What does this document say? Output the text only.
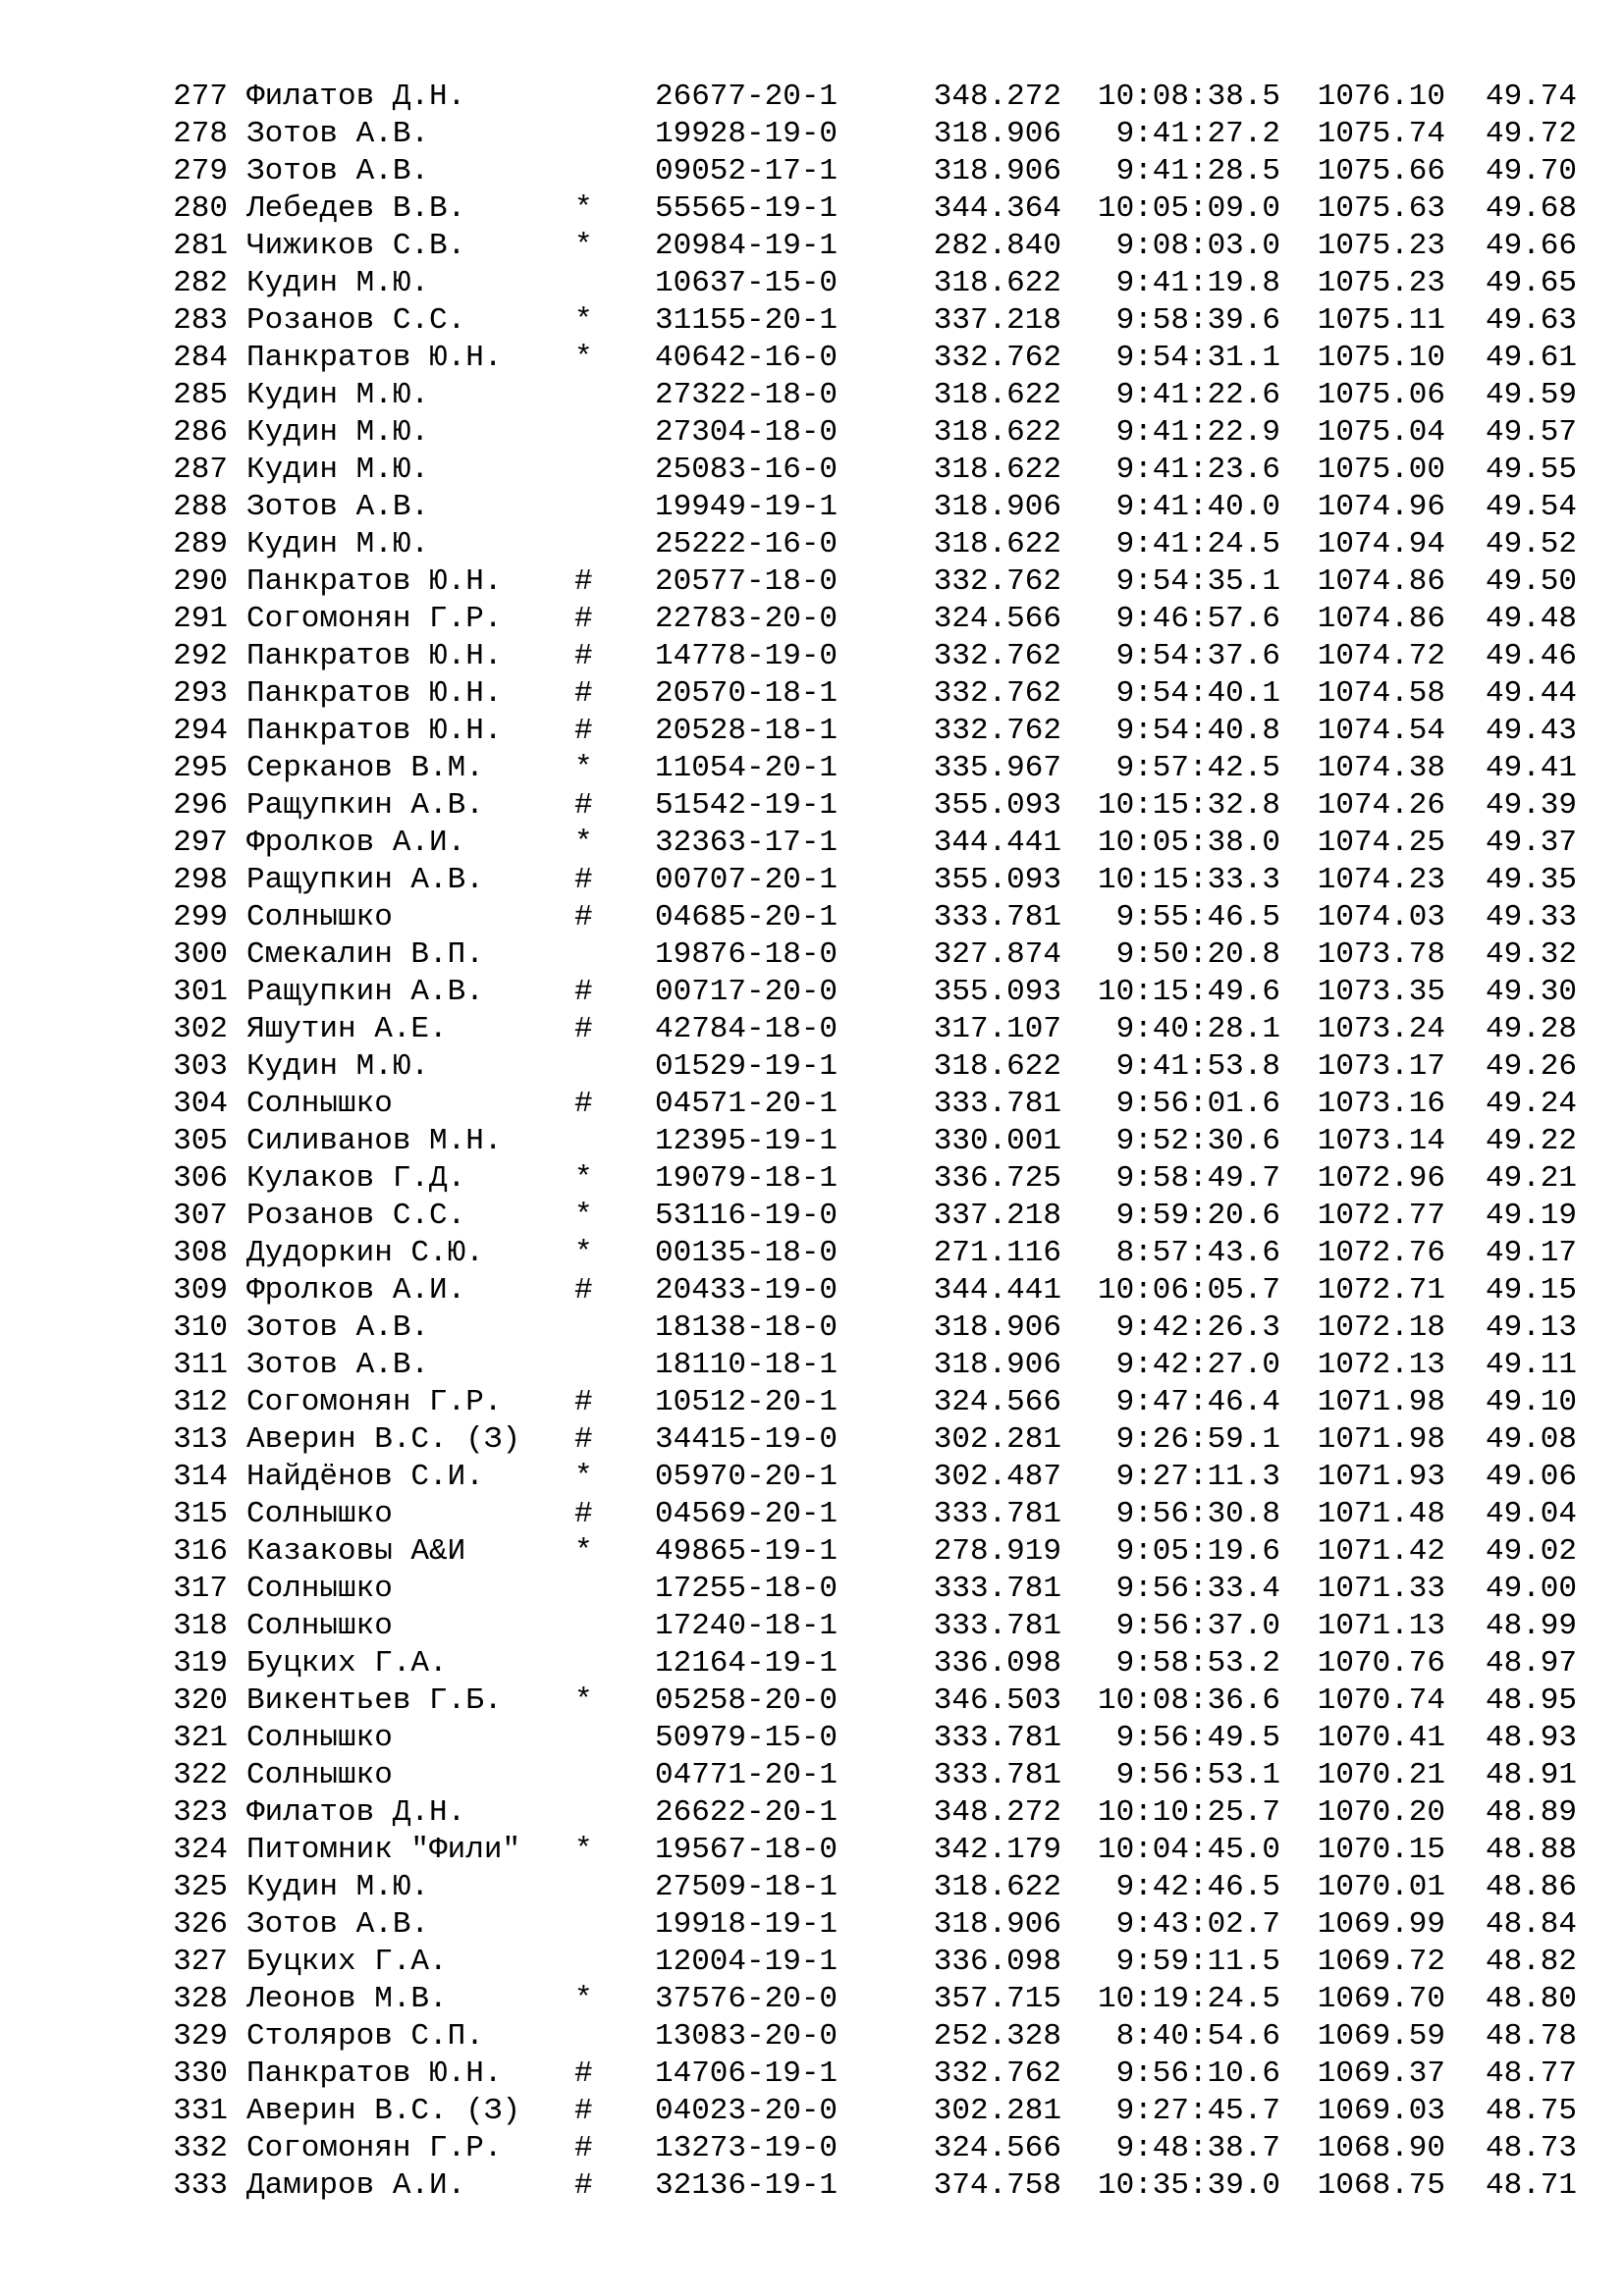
277 Филатов Д.Н.	26677-20-1	348.272 10:08:38.5 1076.10 49.74
278 Зотов А.В.	19928-19-0	318.906 9:41:27.2 1075.74 49.72
279 Зотов А.В.	09052-17-1	318.906 9:41:28.5 1075.66 49.70
280 Лебедев В.В.	* 55565-19-1	344.364 10:05:09.0 1075.63 49.68
281 Чижиков С.В.	* 20984-19-1	282.840 9:08:03.0 1075.23 49.66
282 Кудин М.Ю.	10637-15-0	318.622 9:41:19.8 1075.23 49.65
283 Розанов С.С.	* 31155-20-1	337.218 9:58:39.6 1075.11 49.63
284 Панкратов Ю.Н. * 40642-16-0	332.762 9:54:31.1 1075.10 49.61
285 Кудин М.Ю.	27322-18-0	318.622 9:41:22.6 1075.06 49.59
286 Кудин М.Ю.	27304-18-0	318.622 9:41:22.9 1075.04 49.57
287 Кудин М.Ю.	25083-16-0	318.622 9:41:23.6 1075.00 49.55
288 Зотов А.В.	19949-19-1	318.906 9:41:40.0 1074.96 49.54
289 Кудин М.Ю.	25222-16-0	318.622 9:41:24.5 1074.94 49.52
290 Панкратов Ю.Н. # 20577-18-0	332.762 9:54:35.1 1074.86 49.50
291 Согомонян Г.Р. # 22783-20-0	324.566 9:46:57.6 1074.86 49.48
292 Панкратов Ю.Н. # 14778-19-0	332.762 9:54:37.6 1074.72 49.46
293 Панкратов Ю.Н. # 20570-18-1	332.762 9:54:40.1 1074.58 49.44
294 Панкратов Ю.Н. # 20528-18-1	332.762 9:54:40.8 1074.54 49.43
295 Серканов В.М.	* 11054-20-1	335.967 9:57:42.5 1074.38 49.41
296 Ращупкин А.В.	# 51542-19-1	355.093 10:15:32.8 1074.26 49.39
297 Фролков А.И.	* 32363-17-1	344.441 10:05:38.0 1074.25 49.37
298 Ращупкин А.В.	# 00707-20-1	355.093 10:15:33.3 1074.23 49.35
299 Солнышко	# 04685-20-1	333.781 9:55:46.5 1074.03 49.33
300 Смекалин В.П.	19876-18-0	327.874 9:50:20.8 1073.78 49.32
301 Ращупкин А.В.	# 00717-20-0	355.093 10:15:49.6 1073.35 49.30
302 Яшутин А.Е.	# 42784-18-0	317.107 9:40:28.1 1073.24 49.28
303 Кудин М.Ю.	01529-19-1	318.622 9:41:53.8 1073.17 49.26
304 Солнышко	# 04571-20-1	333.781 9:56:01.6 1073.16 49.24
305 Силиванов М.Н.	12395-19-1	330.001 9:52:30.6 1073.14 49.22
306 Кулаков Г.Д.	* 19079-18-1	336.725 9:58:49.7 1072.96 49.21
307 Розанов С.С.	* 53116-19-0	337.218 9:59:20.6 1072.77 49.19
308 Дудоркин С.Ю.	* 00135-18-0	271.116 8:57:43.6 1072.76 49.17
309 Фролков А.И.	# 20433-19-0	344.441 10:06:05.7 1072.71 49.15
310 Зотов А.В.	18138-18-0	318.906 9:42:26.3 1072.18 49.13
311 Зотов А.В.	18110-18-1	318.906 9:42:27.0 1072.13 49.11
312 Согомонян Г.Р. # 10512-20-1	324.566 9:47:46.4 1071.98 49.10
313 Аверин В.С. (З) # 34415-19-0	302.281 9:26:59.1 1071.98 49.08
314 Найдёнов С.И.	* 05970-20-1	302.487 9:27:11.3 1071.93 49.06
315 Солнышко	# 04569-20-1	333.781 9:56:30.8 1071.48 49.04
316 Казаковы А&И	* 49865-19-1	278.919 9:05:19.6 1071.42 49.02
317 Солнышко	17255-18-0	333.781 9:56:33.4 1071.33 49.00
318 Солнышко	17240-18-1	333.781 9:56:37.0 1071.13 48.99
319 Буцких Г.А.	12164-19-1	336.098 9:58:53.2 1070.76 48.97
320 Викентьев Г.Б. * 05258-20-0	346.503 10:08:36.6 1070.74 48.95
321 Солнышко	50979-15-0	333.781 9:56:49.5 1070.41 48.93
322 Солнышко	04771-20-1	333.781 9:56:53.1 1070.21 48.91
323 Филатов Д.Н.	26622-20-1	348.272 10:10:25.7 1070.20 48.89
324 Питомник "Фили" * 19567-18-0	342.179 10:04:45.0 1070.15 48.88
325 Кудин М.Ю.	27509-18-1	318.622 9:42:46.5 1070.01 48.86
326 Зотов А.В.	19918-19-1	318.906 9:43:02.7 1069.99 48.84
327 Буцких Г.А.	12004-19-1	336.098 9:59:11.5 1069.72 48.82
328 Леонов М.В.	* 37576-20-0	357.715 10:19:24.5 1069.70 48.80
329 Столяров С.П.	13083-20-0	252.328 8:40:54.6 1069.59 48.78
330 Панкратов Ю.Н. # 14706-19-1	332.762 9:56:10.6 1069.37 48.77
331 Аверин В.С. (З) # 04023-20-0	302.281 9:27:45.7 1069.03 48.75
332 Согомонян Г.Р. # 13273-19-0	324.566 9:48:38.7 1068.90 48.73
333 Дамиров А.И.	# 32136-19-1	374.758 10:35:39.0 1068.75 48.71
